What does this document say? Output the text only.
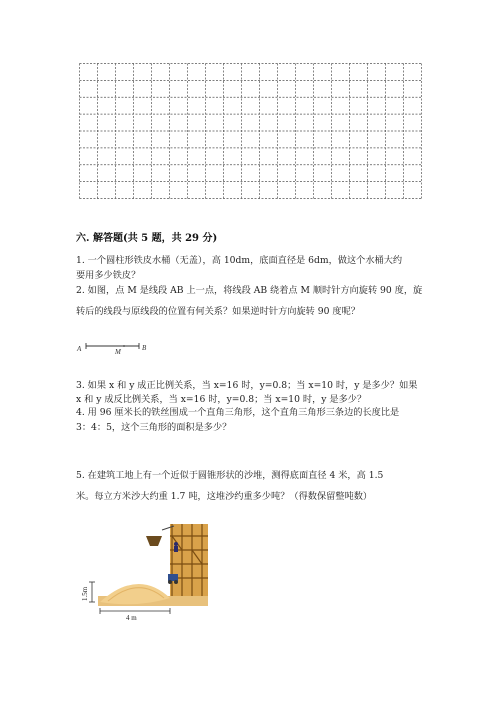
六. 解答题(共 5 题，共 29 分)
1. 一个圆柱形铁皮水桶（无盖），高 10dm，底面直径是 6dm，做这个水桶大约
要用多少铁皮？
2. 如图，点 M 是线段 AB 上一点，将线段 AB 绕着点 M 顺时针方向旋转 90 度，旋
转后的线段与原线段的位置有何关系？如果逆时针方向旋转 90 度呢？
A	M	B
3. 如果 x 和 y 成正比例关系，当 x=16 时，y=0.8；当 x=10 时，y 是多少？如果
x 和 y 成反比例关系，当 x=16 时，y=0.8；当 x=10 时，y 是多少？
4. 用 96 厘米长的铁丝围成一个直角三角形，这个直角三角形三条边的长度比是
3：4：5，这个三角形的面积是多少？
5. 在建筑工地上有一个近似于圆锥形状的沙堆，测得底面直径 4 米，高 1.5
米。每立方米沙大约重 1.7 吨，这堆沙约重多少吨？（得数保留整吨数）
1.5m
4 m
